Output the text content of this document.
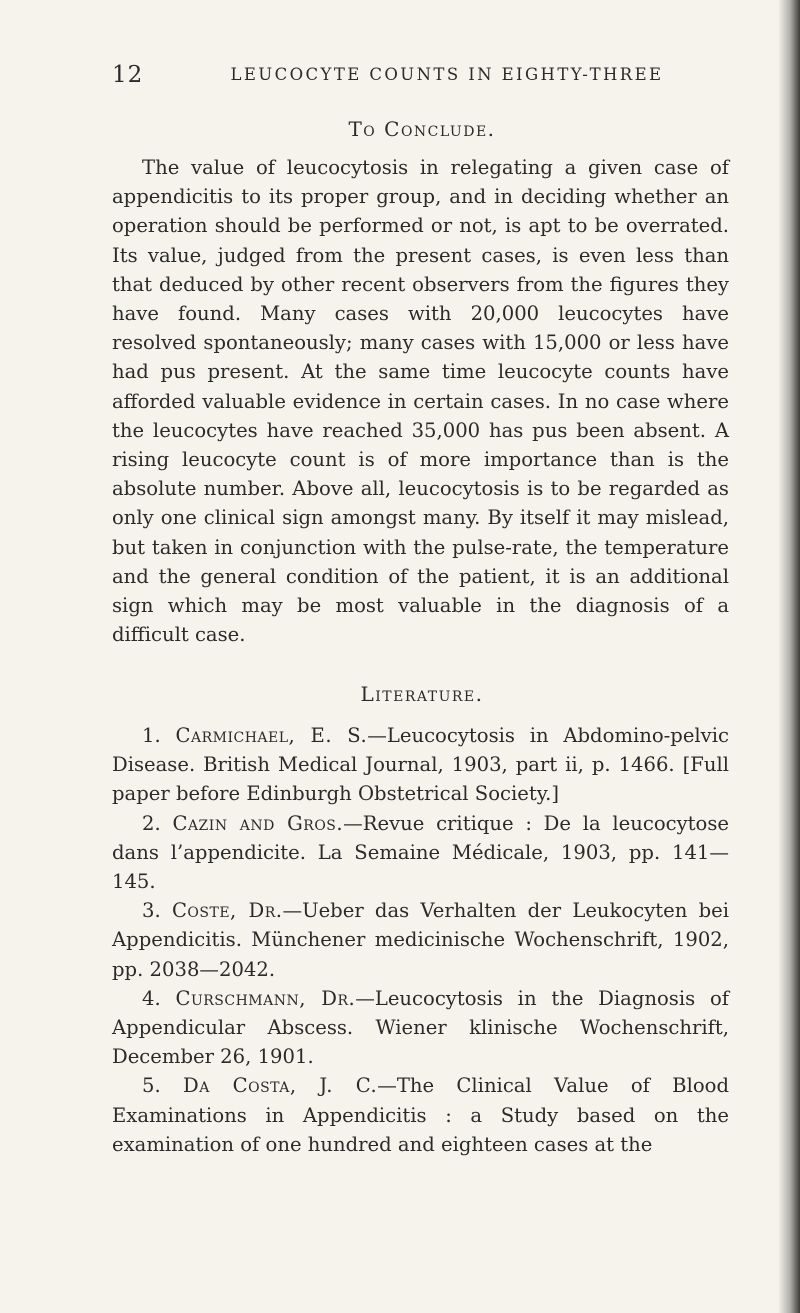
12	LEUCOCYTE COUNTS IN EIGHTY-THREE
To Conclude.

The value of leucocytosis in relegating a given case of appendicitis to its proper group, and in deciding whether an operation should be performed or not, is apt to be overrated. Its value, judged from the present cases, is even less than that deduced by other recent observers from the figures they have found. Many cases with 20,000 leucocytes have resolved spontaneously; many cases with 15,000 or less have had pus present. At the same time leucocyte counts have afforded valuable evidence in certain cases. In no case where the leucocytes have reached 35,000 has pus been absent. A rising leucocyte count is of more importance than is the absolute number. Above all, leucocytosis is to be regarded as only one clinical sign amongst many. By itself it may mislead, but taken in conjunction with the pulse-rate, the temperature and the general condition of the patient, it is an additional sign which may be most valuable in the diagnosis of a difficult case.

Literature.
1. Carmichael, E. S.—Leucocytosis in Abdomino-pelvic Disease. British Medical Journal, 1903, part ii, p. 1466. [Full paper before Edinburgh Obstetrical Society.]
2. Cazin and Gros.—Revue critique : De la leucocytose dans l’appendicite. La Semaine Médicale, 1903, pp. 141—145.
3. Coste, Dr.—Ueber das Verhalten der Leukocyten bei Appendicitis. Münchener medicinische Wochenschrift, 1902, pp. 2038—2042.
4. Curschmann, Dr.—Leucocytosis in the Diagnosis of Appendicular Abscess. Wiener klinische Wochenschrift, December 26, 1901.
5. Da Costa, J. C.—The Clinical Value of Blood Examinations in Appendicitis : a Study based on the examination of one hundred and eighteen cases at the
